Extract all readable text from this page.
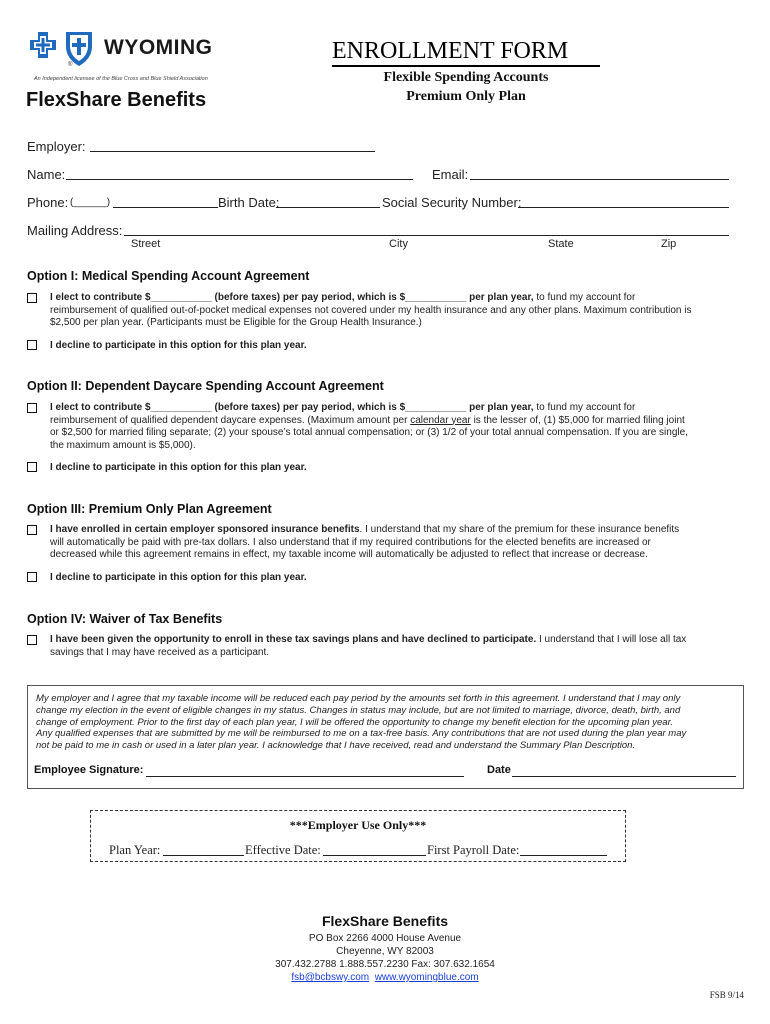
WYOMING
®
An Independent licensee of the Blue Cross and Blue Shield Association
FlexShare Benefits
ENROLLMENT FORM
Flexible Spending Accounts
Premium Only Plan
Employer:
Name:	Email:
Phone: (______)	Birth Date:	Social Security Number:
Mailing Address:
Street	City	State	Zip
Option I: Medical Spending Account Agreement
I elect to contribute $___________ (before taxes) per pay period, which is $___________ per plan year, to fund my account for
reimbursement of qualified out-of-pocket medical expenses not covered under my health insurance and any other plans. Maximum contribution is
$2,500 per plan year. (Participants must be Eligible for the Group Health Insurance.)
I decline to participate in this option for this plan year.
Option II: Dependent Daycare Spending Account Agreement
I elect to contribute $___________ (before taxes) per pay period, which is $___________ per plan year, to fund my account for
reimbursement of qualified dependent daycare expenses. (Maximum amount per calendar year is the lesser of, (1) $5,000 for married filing joint
or $2,500 for married filing separate; (2) your spouse’s total annual compensation; or (3) 1/2 of your total annual compensation. If you are single,
the maximum amount is $5,000).
I decline to participate in this option for this plan year.
Option III: Premium Only Plan Agreement
I have enrolled in certain employer sponsored insurance benefits. I understand that my share of the premium for these insurance benefits
will automatically be paid with pre-tax dollars. I also understand that if my required contributions for the elected benefits are increased or
decreased while this agreement remains in effect, my taxable income will automatically be adjusted to reflect that increase or decrease.
I decline to participate in this option for this plan year.
Option IV: Waiver of Tax Benefits
I have been given the opportunity to enroll in these tax savings plans and have declined to participate. I understand that I will lose all tax
savings that I may have received as a participant.
My employer and I agree that my taxable income will be reduced each pay period by the amounts set forth in this agreement. I understand that I may only
change my election in the event of eligible changes in my status. Changes in status may include, but are not limited to marriage, divorce, death, birth, and
change of employment. Prior to the first day of each plan year, I will be offered the opportunity to change my benefit election for the upcoming plan year.
Any qualified expenses that are submitted by me will be reimbursed to me on a tax-free basis. Any contributions that are not used during the plan year may
not be paid to me in cash or used in a later plan year. I acknowledge that I have received, read and understand the Summary Plan Description.
Employee Signature:	Date
***Employer Use Only***
Plan Year:	Effective Date:	First Payroll Date:
FlexShare Benefits
PO Box 2266 4000 House Avenue
Cheyenne, WY 82003
307.432.2788 1.888.557.2230 Fax: 307.632.1654
fsb@bcbswy.com www.wyomingblue.com
FSB 9/14
